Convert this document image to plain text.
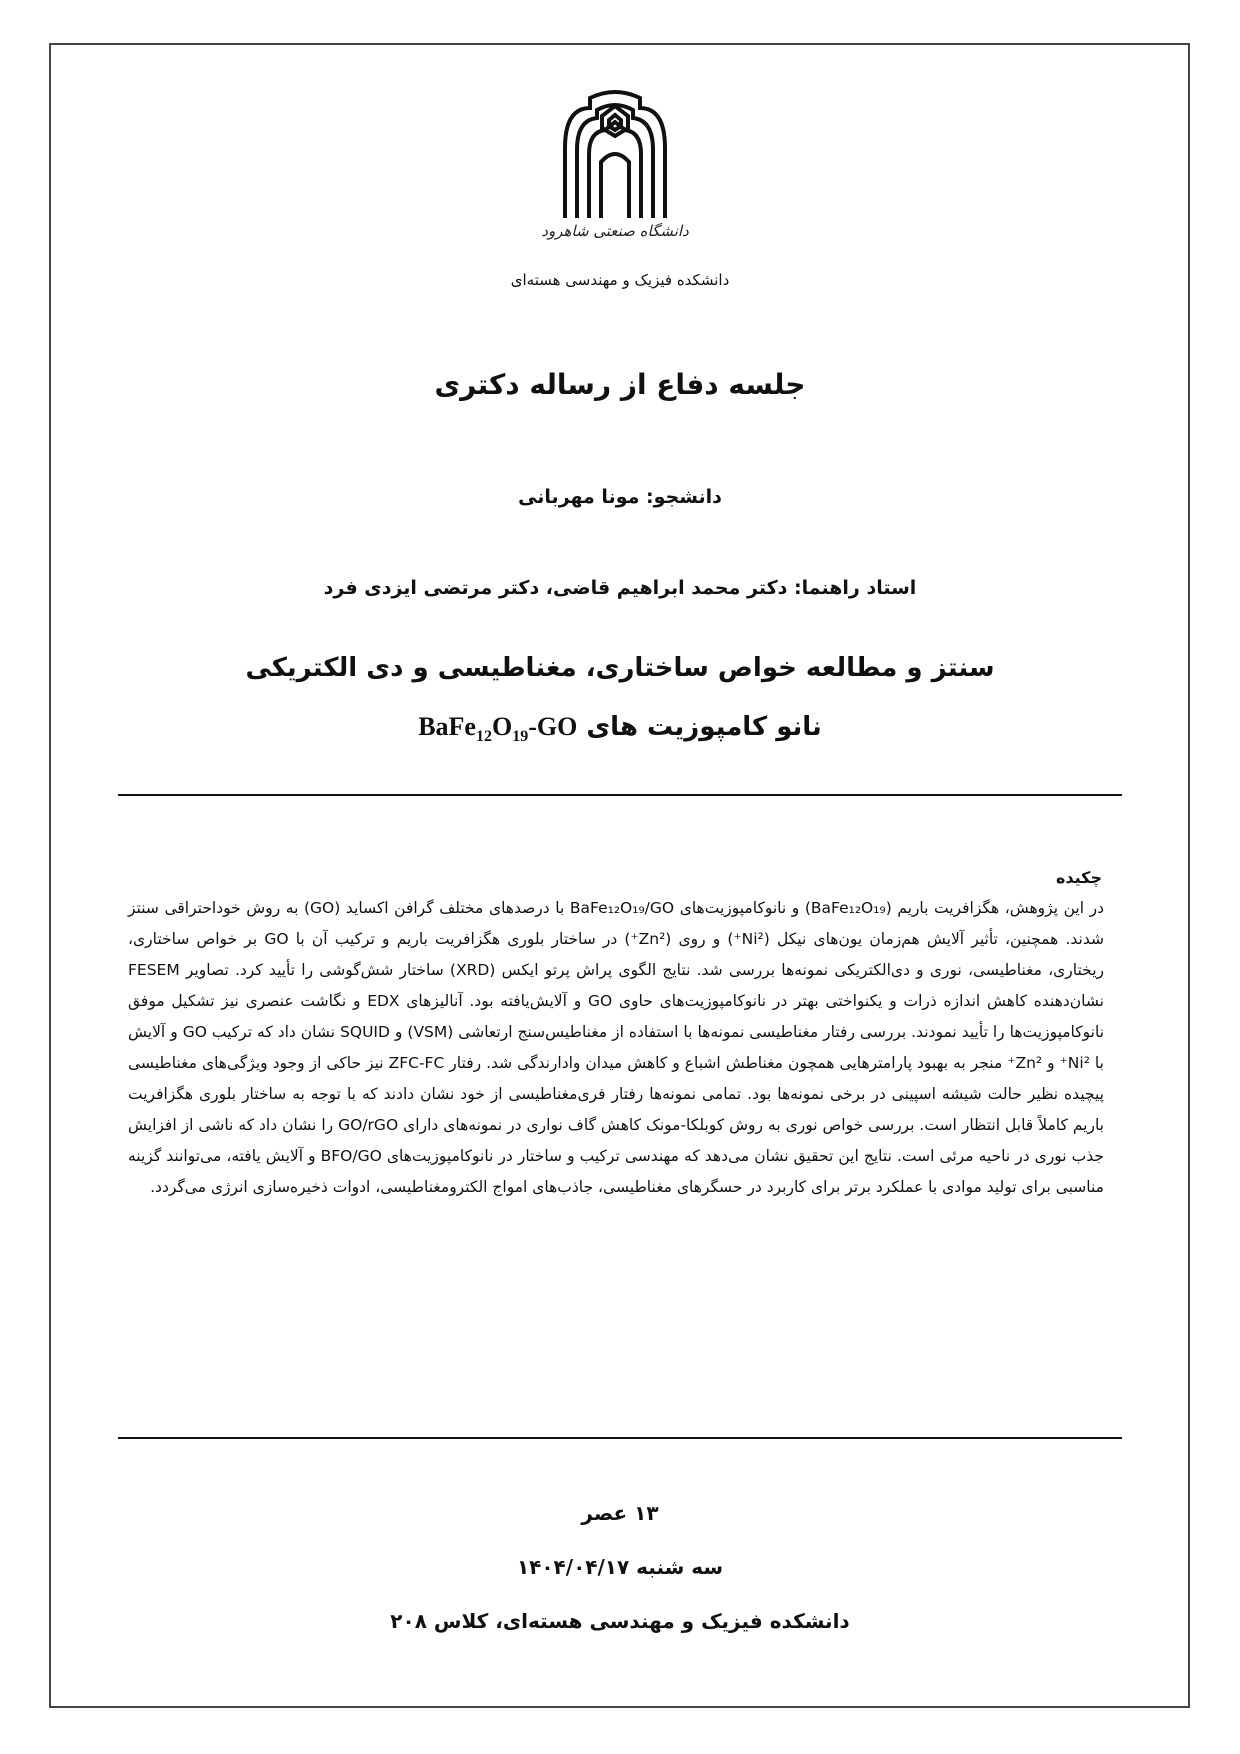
دانشگاه صنعتی شاهرود
دانشکده فیزیک و مهندسی هسته‌ای
جلسه دفاع از رساله دکتری
دانشجو: مونا مهربانی
استاد راهنما: دکتر محمد ابراهیم قاضی، دکتر مرتضی ایزدی فرد
سنتز و مطالعه خواص ساختاری، مغناطیسی و دی الکتریکی
نانو کامپوزیت های $BaFe_{12}O_{19}-GO$
چکیده
در این پژوهش، هگزافریت باریم (BaFe₁₂O₁₉) و نانوکامپوزیت‌های BaFe₁₂O₁₉/GO با درصدهای مختلف گرافن اکساید (GO) به روش خوداحتراقی سنتز شدند. همچنین، تأثیر آلایش هم‌زمان یون‌های نیکل (Ni²⁺) و روی (Zn²⁺) در ساختار بلوری هگزافریت باریم و ترکیب آن با GO بر خواص ساختاری، ریختاری، مغناطیسی، نوری و دی‌الکتریکی نمونه‌ها بررسی شد. نتایج الگوی پراش پرتو ایکس (XRD) ساختار شش‌گوشی را تأیید کرد. تصاویر FESEM نشان‌دهنده کاهش اندازه ذرات و یکنواختی بهتر در نانوکامپوزیت‌های حاوی GO و آلایش‌یافته بود. آنالیزهای EDX و نگاشت عنصری نیز تشکیل موفق نانوکامپوزیت‌ها را تأیید نمودند. بررسی رفتار مغناطیسی نمونه‌ها با استفاده از مغناطیس‌سنج ارتعاشی (VSM) و SQUID نشان داد که ترکیب GO و آلایش با Ni²⁺ و Zn²⁺ منجر به بهبود پارامترهایی همچون مغناطش اشباع و کاهش میدان وادارندگی شد. رفتار ZFC-FC نیز حاکی از وجود ویژگی‌های مغناطیسی پیچیده نظیر حالت شیشه اسپینی در برخی نمونه‌ها بود. تمامی نمونه‌ها رفتار فری‌مغناطیسی از خود نشان دادند که با توجه به ساختار بلوری هگزافریت باریم کاملاً قابل انتظار است. بررسی خواص نوری به روش کوبلکا-مونک کاهش گاف نواری در نمونه‌های دارای GO/rGO را نشان داد که ناشی از افزایش جذب نوری در ناحیه مرئی است. نتایج این تحقیق نشان می‌دهد که مهندسی ترکیب و ساختار در نانوکامپوزیت‌های BFO/GO و آلایش یافته، می‌توانند گزینه مناسبی برای تولید موادی با عملکرد برتر برای کاربرد در حسگرهای مغناطیسی، جاذب‌های امواج الکترومغناطیسی، ادوات ذخیره‌سازی انرژی می‌گردد.
۱۳ عصر
سه شنبه ۱۴۰۴/۰۴/۱۷
دانشکده فیزیک و مهندسی هسته‌ای، کلاس ۲۰۸
